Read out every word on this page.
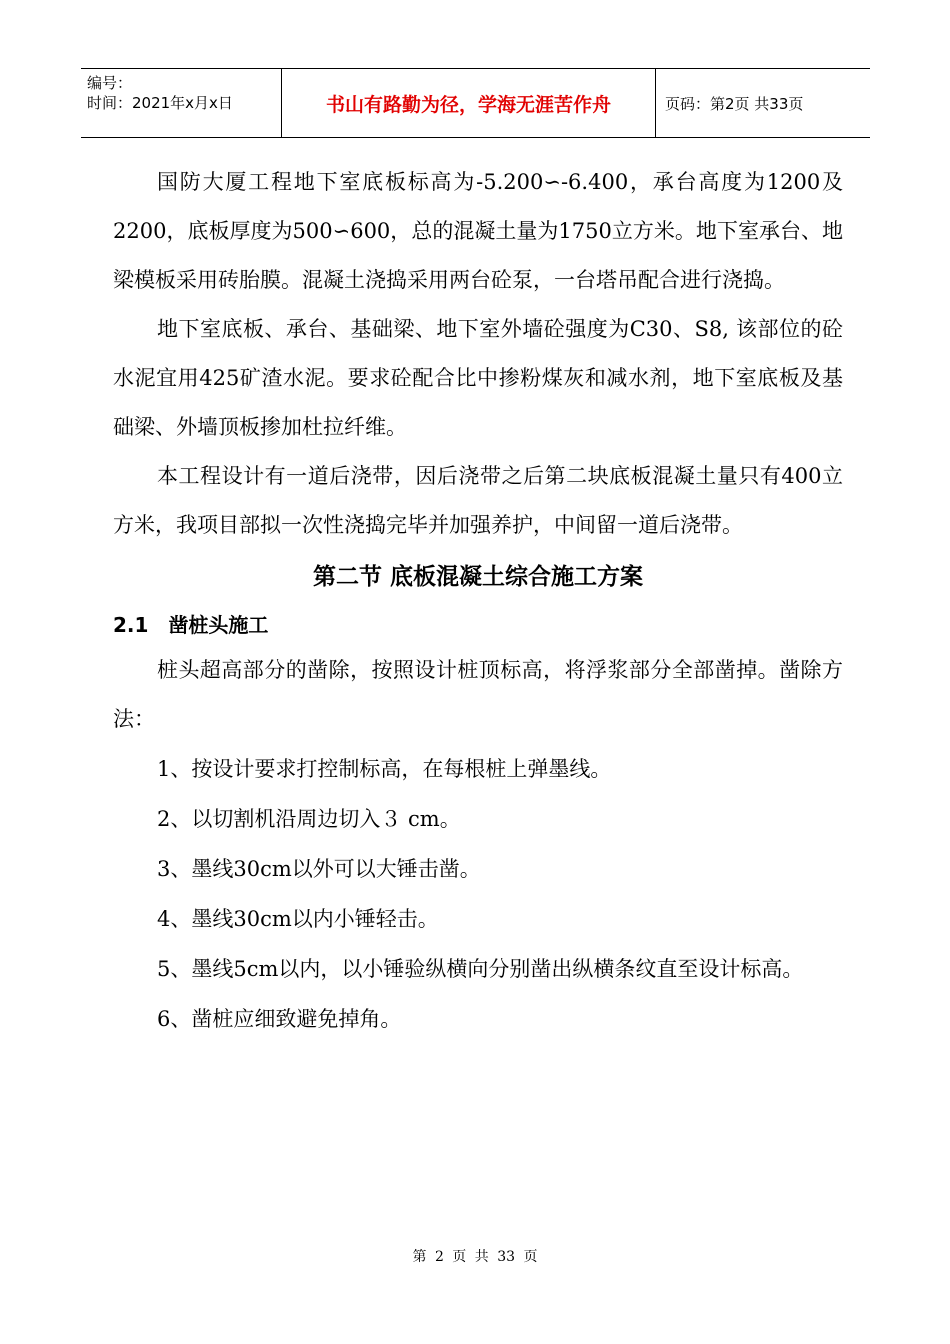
编号：
时间：2021年x月x日	书山有路勤为径，学海无涯苦作舟	页码：第2页 共33页

国防大厦工程地下室底板标高为-5.200∽-6.400，承台高度为1200及2200，底板厚度为500∽600，总的混凝土量为1750立方米。地下室承台、地梁模板采用砖胎膜。混凝土浇捣采用两台砼泵，一台塔吊配合进行浇捣。

地下室底板、承台、基础梁、地下室外墙砼强度为C30、S8, 该部位的砼水泥宜用425矿渣水泥。要求砼配合比中掺粉煤灰和减水剂，地下室底板及基础梁、外墙顶板掺加杜拉纤维。

本工程设计有一道后浇带，因后浇带之后第二块底板混凝土量只有400立方米，我项目部拟一次性浇捣完毕并加强养护，中间留一道后浇带。

第二节 底板混凝土综合施工方案
2.1 凿桩头施工

桩头超高部分的凿除，按照设计桩顶标高，将浮浆部分全部凿掉。凿除方法：

1、按设计要求打控制标高，在每根桩上弹墨线。

2、以切割机沿周边切入３ cm。

3、墨线30cm以外可以大锤击凿。

4、墨线30cm以内小锤轻击。

5、墨线5cm以内，以小锤验纵横向分别凿出纵横条纹直至设计标高。

6、凿桩应细致避免掉角。

第 2 页 共 33 页
